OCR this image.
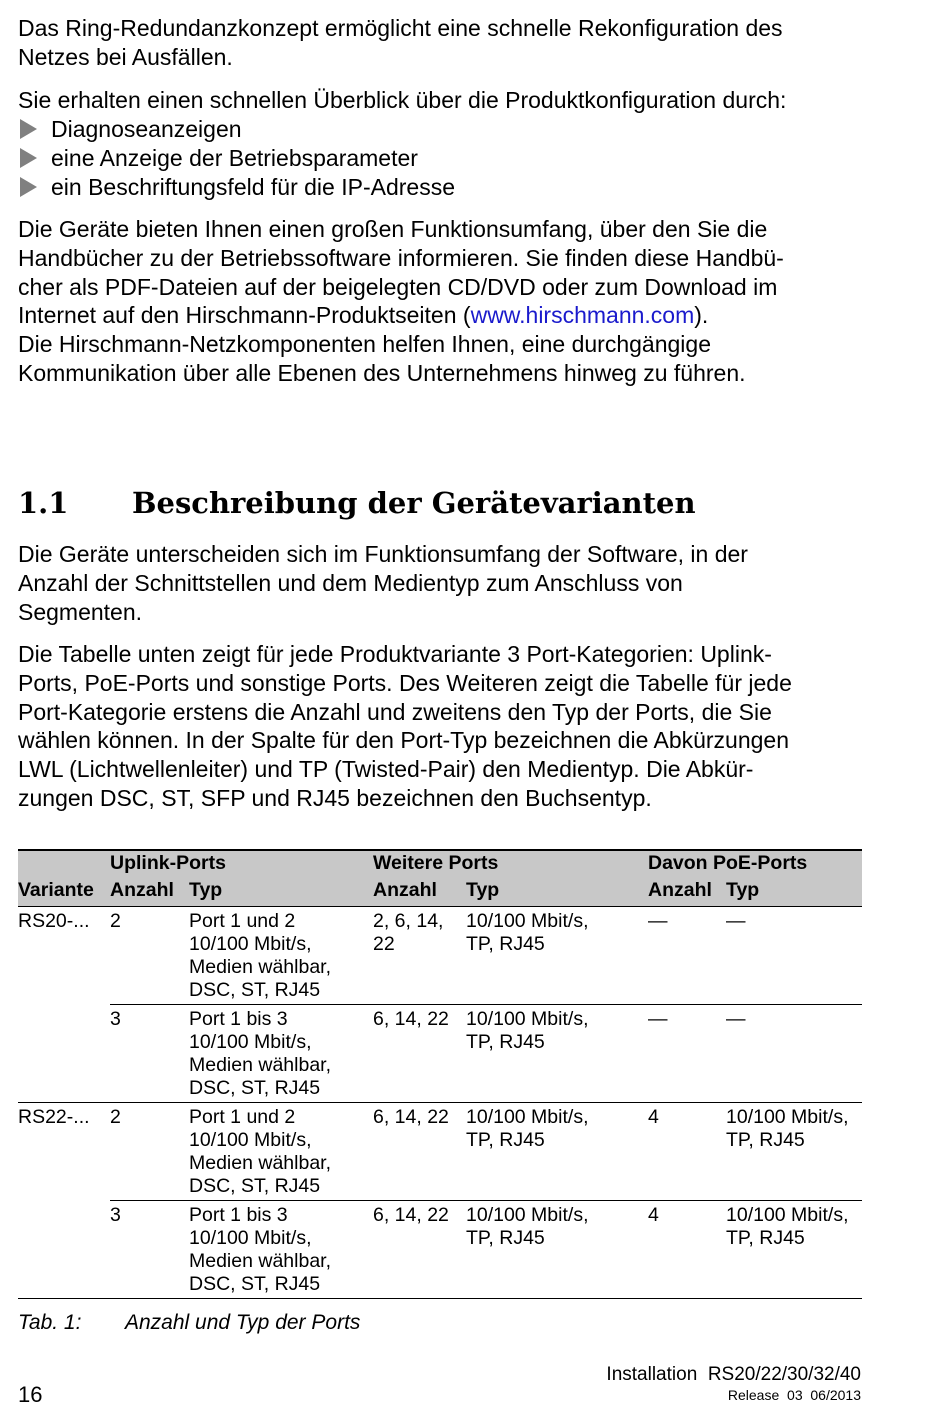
Das Ring-Redundanzkonzept ermöglicht eine schnelle Rekonfiguration des
Netzes bei Ausfällen.

Sie erhalten einen schnellen Überblick über die Produktkonfiguration durch:

Diagnoseanzeigen
eine Anzeige der Betriebsparameter
ein Beschriftungsfeld für die IP-Adresse

Die Geräte bieten Ihnen einen großen Funktionsumfang, über den Sie die
Handbücher zu der Betriebssoftware informieren. Sie finden diese Handbü-
cher als PDF-Dateien auf der beigelegten CD/DVD oder zum Download im
Internet auf den Hirschmann-Produktseiten (www.hirschmann.com).
Die Hirschmann-Netzkomponenten helfen Ihnen, eine durchgängige
Kommunikation über alle Ebenen des Unternehmens hinweg zu führen.

1.1 Beschreibung der Gerätevarianten

Die Geräte unterscheiden sich im Funktionsumfang der Software, in der
Anzahl der Schnittstellen und dem Medientyp zum Anschluss von
Segmenten.

Die Tabelle unten zeigt für jede Produktvariante 3 Port-Kategorien: Uplink-
Ports, PoE-Ports und sonstige Ports. Des Weiteren zeigt die Tabelle für jede
Port-Kategorie erstens die Anzahl und zweitens den Typ der Ports, die Sie
wählen können. In der Spalte für den Port-Typ bezeichnen die Abkürzungen
LWL (Lichtwellenleiter) und TP (Twisted-Pair) den Medientyp. Die Abkür-
zungen DSC, ST, SFP und RJ45 bezeichnen den Buchsentyp.

	Uplink-Ports		Weitere Ports		Davon PoE-Ports	
Variante	Anzahl	Typ	Anzahl	Typ	Anzahl	Typ
RS20-...	2	Port 1 und 2
10/100 Mbit/s,
Medien wählbar,
DSC, ST, RJ45	2, 6, 14,
22	10/100 Mbit/s,
TP, RJ45	—	—
	3	Port 1 bis 3
10/100 Mbit/s,
Medien wählbar,
DSC, ST, RJ45	6, 14, 22	10/100 Mbit/s,
TP, RJ45	—	—
RS22-...	2	Port 1 und 2
10/100 Mbit/s,
Medien wählbar,
DSC, ST, RJ45	6, 14, 22	10/100 Mbit/s,
TP, RJ45	4	10/100 Mbit/s,
TP, RJ45
	3	Port 1 bis 3
10/100 Mbit/s,
Medien wählbar,
DSC, ST, RJ45	6, 14, 22	10/100 Mbit/s,
TP, RJ45	4	10/100 Mbit/s,
TP, RJ45
Tab. 1: Anzahl und Typ der Ports
Installation  RS20/22/30/32/40
Release  03  06/2013
16
